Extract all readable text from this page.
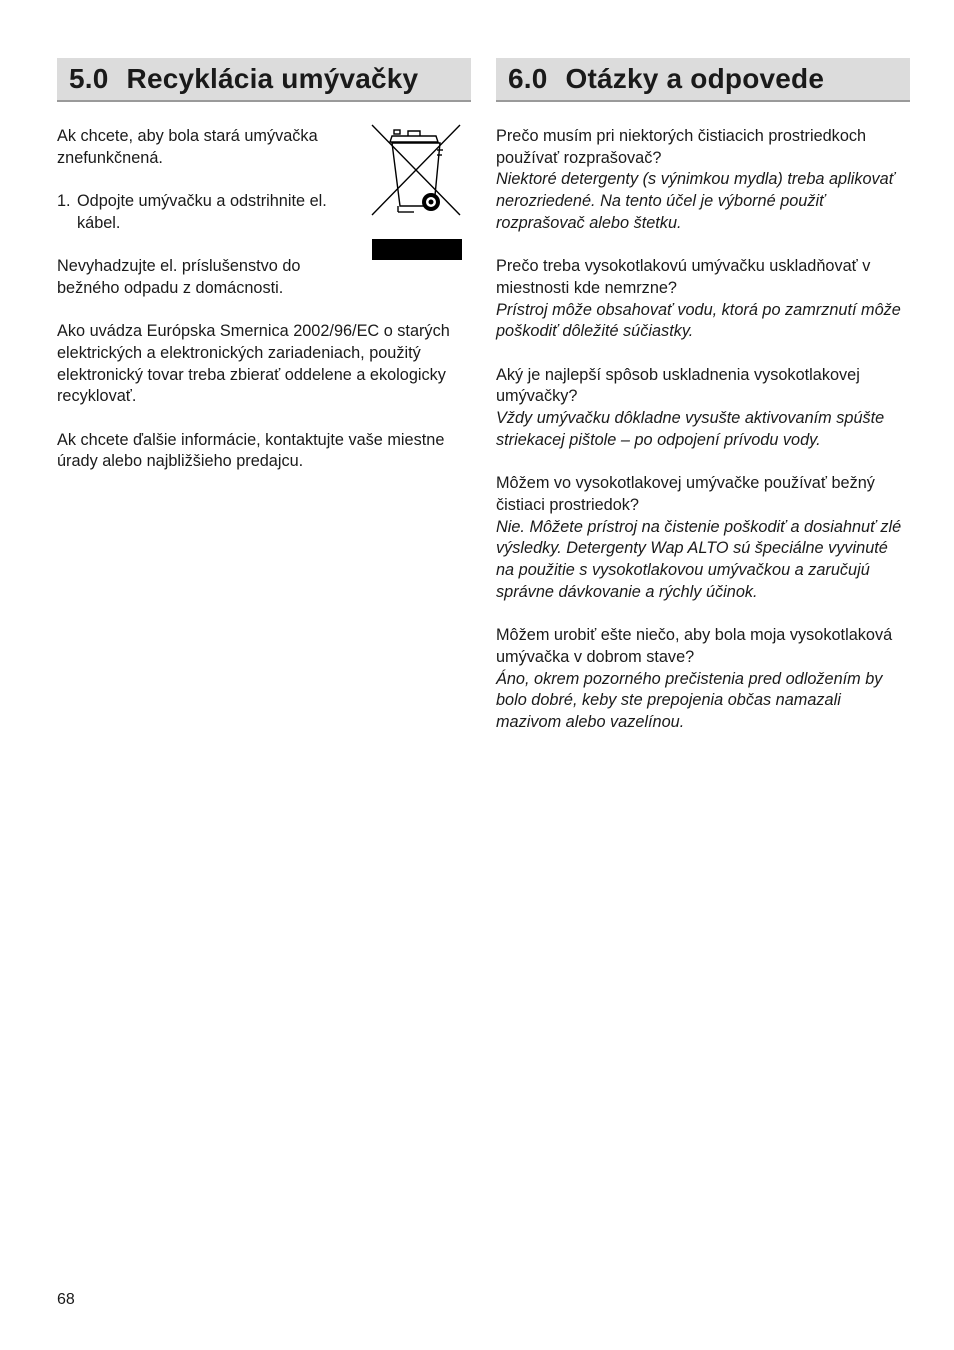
5.0 Recyklácia umývačky

Ak chcete, aby bola stará umývačka znefunkčnená.

1. Odpojte umývačku a odstrihnite el. kábel.

Nevyhadzujte el. príslušenstvo do bežného odpadu z domácnosti.

Ako uvádza Európska Smernica 2002/96/EC o starých elektrických a elektronických zariadeniach, použitý elektronický tovar treba zbierať oddelene a ekologicky recyklovať.

Ak chcete ďalšie informácie, kontaktujte vaše miestne úrady alebo najbližšieho predajcu.

6.0 Otázky a odpovede
Prečo musím pri niektorých čistiacich prostriedkoch používať rozprašovač?
Niektoré detergenty (s výnimkou mydla) treba aplikovať nerozriedené. Na tento účel je výborné použiť rozprašovač alebo štetku.
Prečo treba vysokotlakovú umývačku uskladňovať v miestnosti kde nemrzne?
Prístroj môže obsahovať vodu, ktorá po zamrznutí môže poškodiť dôležité súčiastky.
Aký je najlepší spôsob uskladnenia vysokotlakovej umývačky?
Vždy umývačku dôkladne vysušte aktivovaním spúšte striekacej pištole – po odpojení prívodu vody.
Môžem vo vysokotlakovej umývačke používať bežný čistiaci prostriedok?
Nie. Môžete prístroj na čistenie poškodiť a dosiahnuť zlé výsledky. Detergenty Wap ALTO sú špeciálne vyvinuté na použitie s vysokotlakovou umývačkou a zaručujú správne dávkovanie a rýchly účinok.
Môžem urobiť ešte niečo, aby bola moja vysokotlaková umývačka v dobrom stave?
Áno, okrem pozorného prečistenia pred odložením by bolo dobré, keby ste prepojenia občas namazali mazivom alebo vazelínou.
68
